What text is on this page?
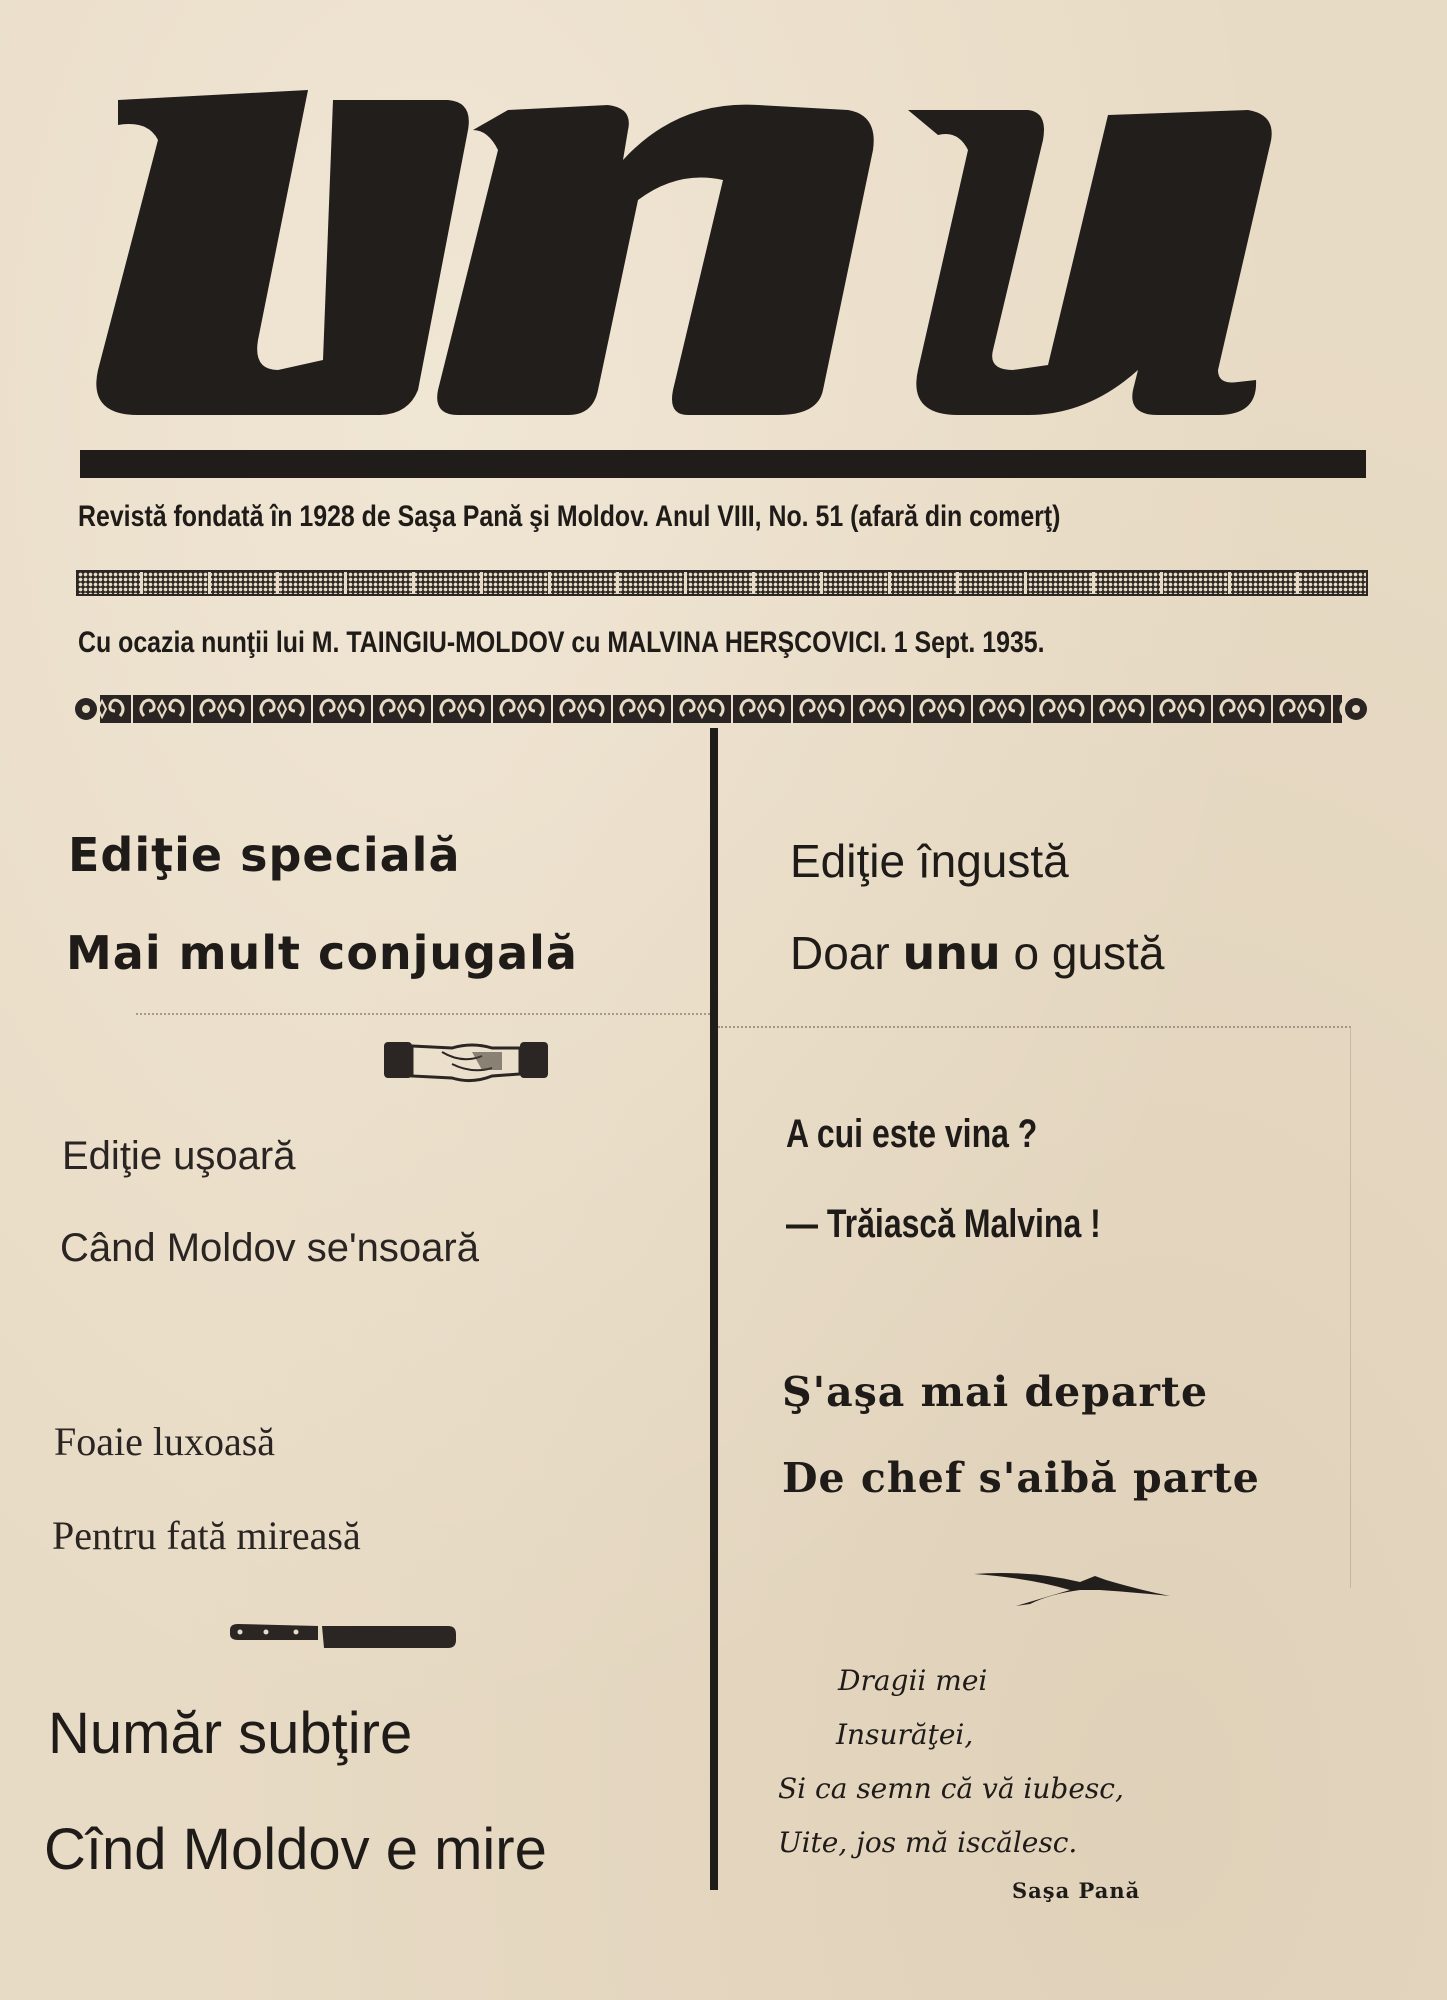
Revistă fondată în 1928 de Saşa Pană şi Moldov. Anul VIII, No. 51 (afară din comerţ)
Cu ocazia nunţii lui M. TAINGIU-MOLDOV cu MALVINA HERŞCOVICI. 1 Sept. 1935.
Ediţie specială
Mai mult conjugală
Ediţie uşoară
Când Moldov se'nsoară
Foaie luxoasă
Pentru fată mireasă
Număr subţire
Cînd Moldov e mire
Ediţie îngustă
Doar unu o gustă
A cui este vina ?
— Trăiască Malvina !
Ş'aşa mai departe
De chef s'aibă parte
Dragii mei
Insurăţei,
Si ca semn că vă iubesc,
Uite, jos mă iscălesc.
Saşa Pană
